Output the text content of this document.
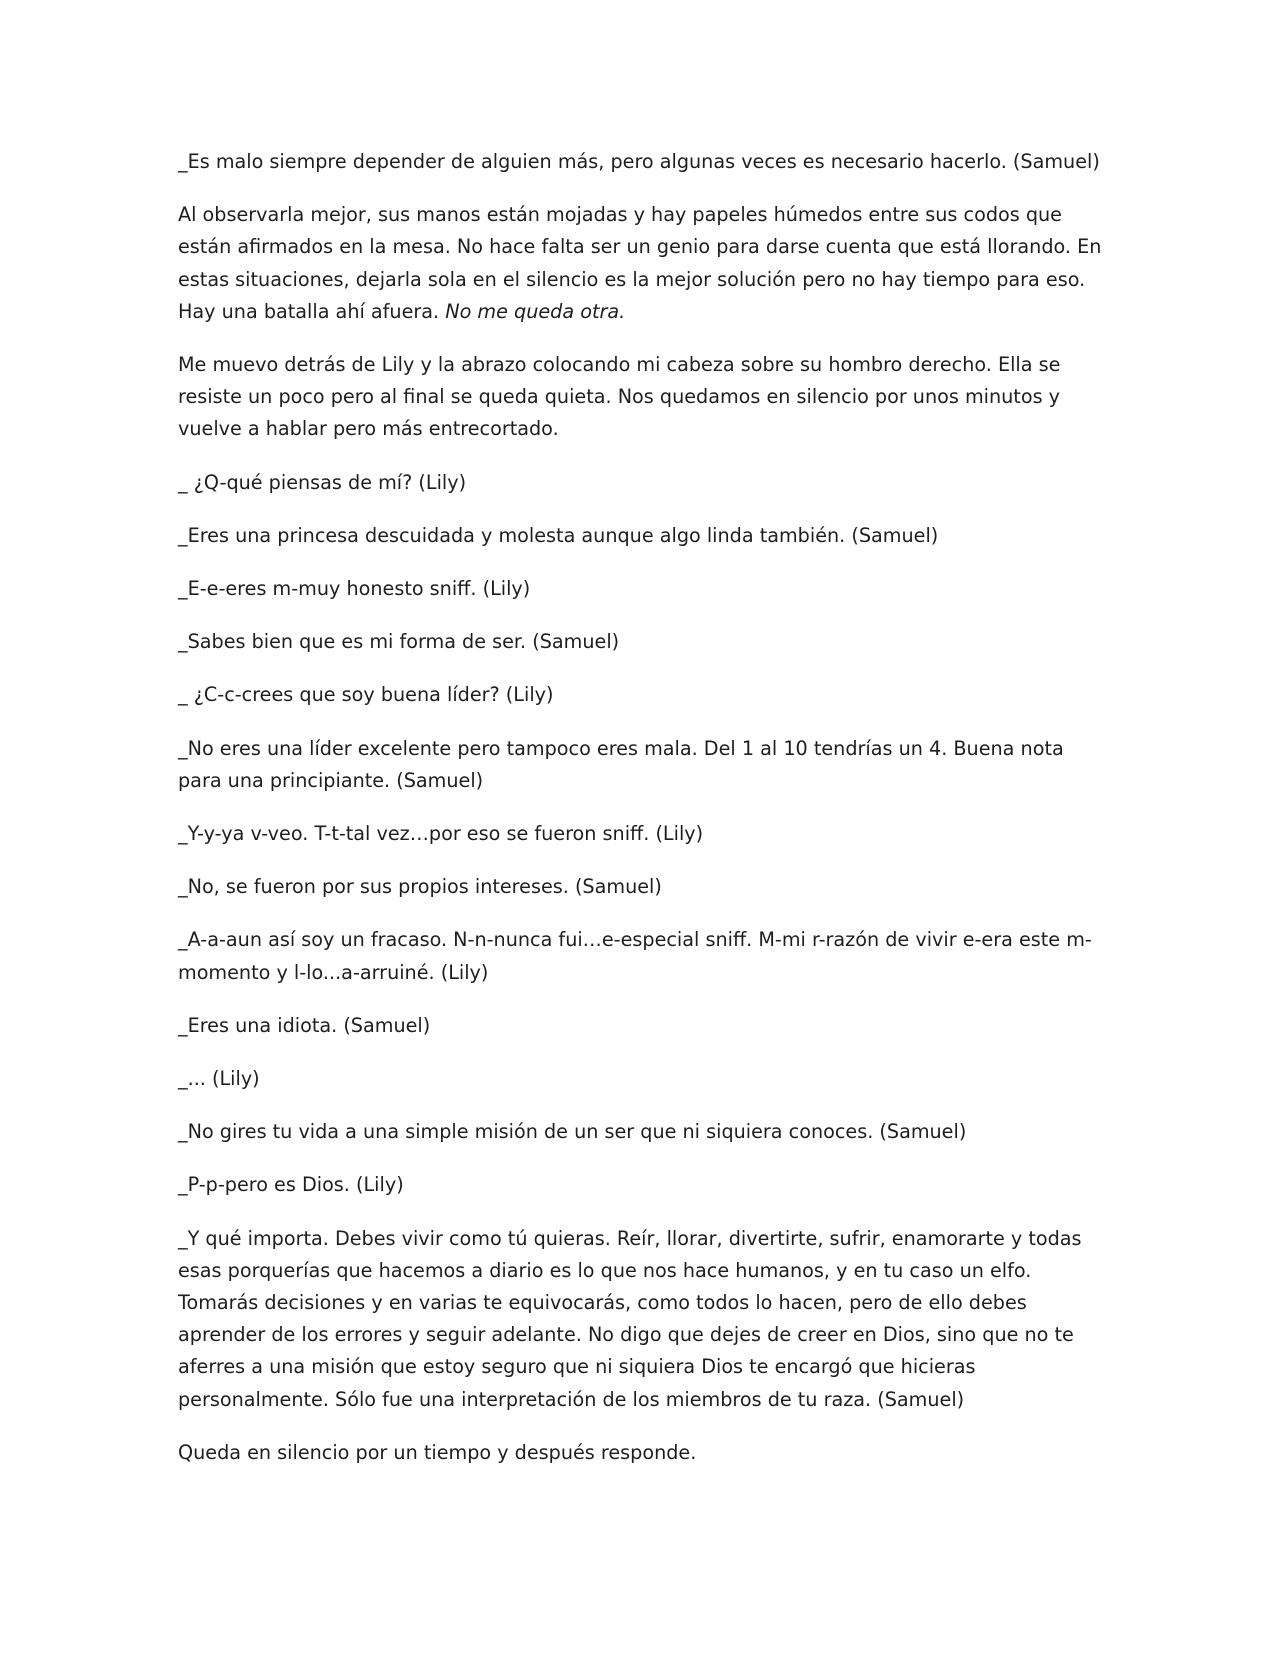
_Es malo siempre depender de alguien más, pero algunas veces es necesario hacerlo. (Samuel)

Al observarla mejor, sus manos están mojadas y hay papeles húmedos entre sus codos que están afirmados en la mesa. No hace falta ser un genio para darse cuenta que está llorando. En estas situaciones, dejarla sola en el silencio es la mejor solución pero no hay tiempo para eso. Hay una batalla ahí afuera. No me queda otra.

Me muevo detrás de Lily y la abrazo colocando mi cabeza sobre su hombro derecho. Ella se resiste un poco pero al final se queda quieta. Nos quedamos en silencio por unos minutos y vuelve a hablar pero más entrecortado.

_ ¿Q-qué piensas de mí? (Lily)

_Eres una princesa descuidada y molesta aunque algo linda también. (Samuel)

_E-e-eres m-muy honesto sniff. (Lily)

_Sabes bien que es mi forma de ser. (Samuel)

_ ¿C-c-crees que soy buena líder? (Lily)

_No eres una líder excelente pero tampoco eres mala. Del 1 al 10 tendrías un 4. Buena nota para una principiante. (Samuel)

_Y-y-ya v-veo. T-t-tal vez…por eso se fueron sniff. (Lily)

_No, se fueron por sus propios intereses. (Samuel)

_A-a-aun así soy un fracaso. N-n-nunca fui…e-especial sniff. M-mi r-razón de vivir e-era este m-momento y l-lo...a-arruiné. (Lily)

_Eres una idiota. (Samuel)

_... (Lily)

_No gires tu vida a una simple misión de un ser que ni siquiera conoces. (Samuel)

_P-p-pero es Dios. (Lily)

_Y qué importa. Debes vivir como tú quieras. Reír, llorar, divertirte, sufrir, enamorarte y todas esas porquerías que hacemos a diario es lo que nos hace humanos, y en tu caso un elfo. Tomarás decisiones y en varias te equivocarás, como todos lo hacen, pero de ello debes aprender de los errores y seguir adelante. No digo que dejes de creer en Dios, sino que no te aferres a una misión que estoy seguro que ni siquiera Dios te encargó que hicieras personalmente. Sólo fue una interpretación de los miembros de tu raza. (Samuel)

Queda en silencio por un tiempo y después responde.
